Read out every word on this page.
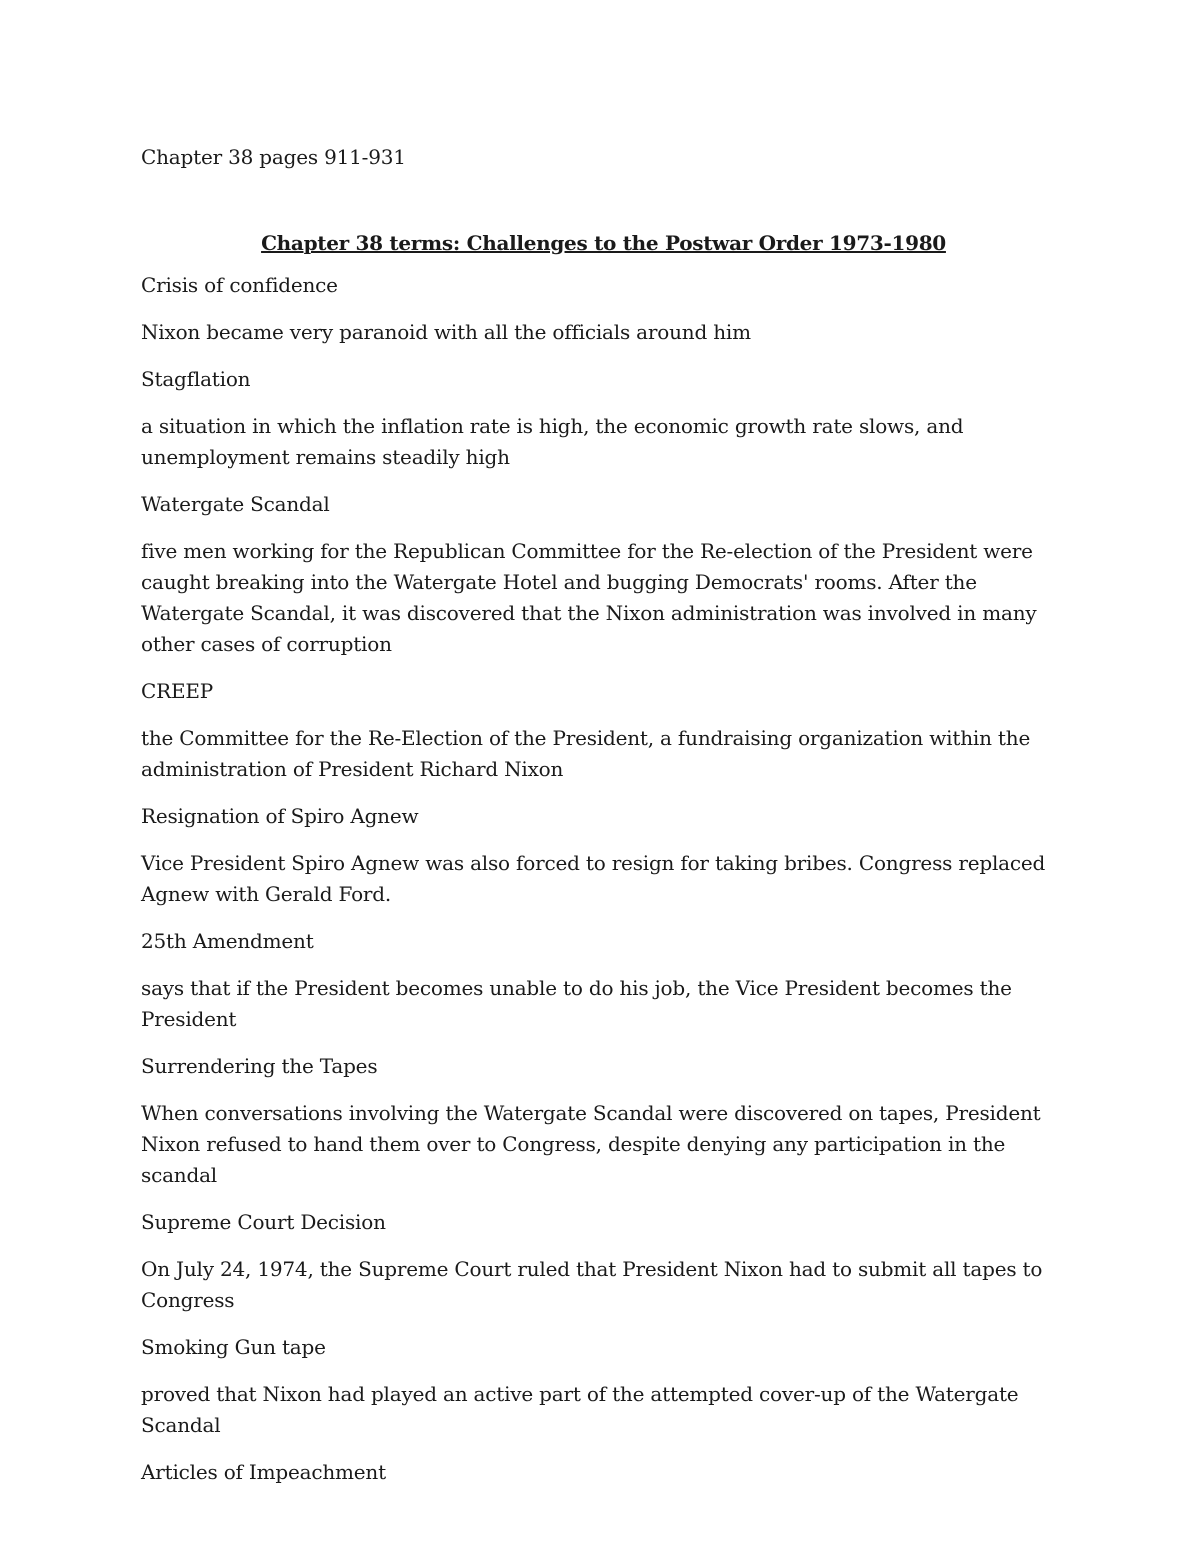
Chapter 38 pages 911-931

Chapter 38 terms: Challenges to the Postwar Order 1973-1980

Crisis of confidence

Nixon became very paranoid with all the officials around him

Stagflation

a situation in which the inflation rate is high, the economic growth rate slows, and unemployment remains steadily high

Watergate Scandal

five men working for the Republican Committee for the Re-election of the President were caught breaking into the Watergate Hotel and bugging Democrats' rooms. After the Watergate Scandal, it was discovered that the Nixon administration was involved in many other cases of corruption

CREEP

the Committee for the Re-Election of the President, a fundraising organization within the administration of President Richard Nixon

Resignation of Spiro Agnew

Vice President Spiro Agnew was also forced to resign for taking bribes. Congress replaced Agnew with Gerald Ford.

25th Amendment

says that if the President becomes unable to do his job, the Vice President becomes the President

Surrendering the Tapes

When conversations involving the Watergate Scandal were discovered on tapes, President Nixon refused to hand them over to Congress, despite denying any participation in the scandal

Supreme Court Decision

On July 24, 1974, the Supreme Court ruled that President Nixon had to submit all tapes to Congress

Smoking Gun tape

proved that Nixon had played an active part of the attempted cover-up of the Watergate Scandal

Articles of Impeachment
